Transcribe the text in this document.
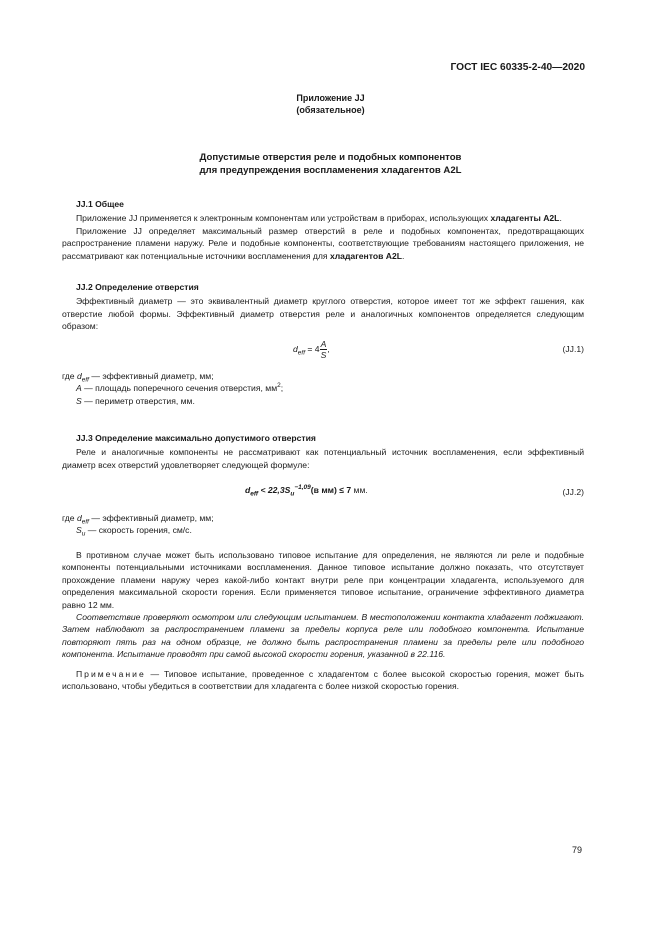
ГОСТ IEC 60335-2-40—2020
Приложение JJ
(обязательное)
Допустимые отверстия реле и подобных компонентов
для предупреждения воспламенения хладагентов A2L
JJ.1 Общее
Приложение JJ применяется к электронным компонентам или устройствам в приборах, использующих хладагенты A2L.
Приложение JJ определяет максимальный размер отверстий в реле и подобных компонентах, предотвращающих распространение пламени наружу. Реле и подобные компоненты, соответствующие требованиям настоящего приложения, не рассматривают как потенциальные источники воспламенения для хладагентов A2L.
JJ.2 Определение отверстия
Эффективный диаметр — это эквивалентный диаметр круглого отверстия, которое имеет тот же эффект гашения, как отверстие любой формы. Эффективный диаметр отверстия реле и аналогичных компонентов определяется следующим образом:
$d_{eff} = 4 \frac{A}{S}$ ,	(JJ.1)
где $d_{eff}$ — эффективный диаметр, мм;
A — площадь поперечного сечения отверстия, $мм^2$;
S — периметр отверстия, мм.
JJ.3 Определение максимально допустимого отверстия
Реле и аналогичные компоненты не рассматривают как потенциальный источник воспламенения, если эффективный диаметр всех отверстий удовлетворяет следующей формуле:
$d_{eff} < 22,3S_u^{-1,09}(в$ мм) ≤ 7 мм.	(JJ.2)
где $d_{eff}$ — эффективный диаметр, мм;
$S_u$ — скорость горения, см/с.
В противном случае может быть использовано типовое испытание для определения, не являются ли реле и подобные компоненты потенциальными источниками воспламенения. Данное типовое испытание должно показать, что отсутствует прохождение пламени наружу через какой-либо контакт внутри реле при концентрации хладагента, используемого для определения максимальной скорости горения. Если применяется типовое испытание, ограничение эффективного диаметра равно 12 мм.
Соответствие проверяют осмотром или следующим испытанием. В местоположении контакта хладагент поджигают. Затем наблюдают за распространением пламени за пределы корпуса реле или подобного компонента. Испытание повторяют пять раз на одном образце, не должно быть распространения пламени за пределы реле или подобного компонента. Испытание проводят при самой высокой скорости горения, указанной в 22.116.
Примечание — Типовое испытание, проведенное с хладагентом с более высокой скоростью горения, может быть использовано, чтобы убедиться в соответствии для хладагента с более низкой скоростью горения.
79
